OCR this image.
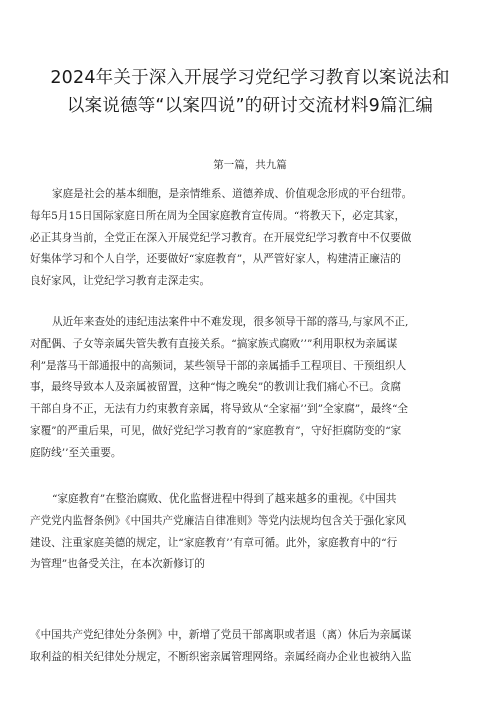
2024年关于深入开展学习党纪学习教育以案说法和
以案说德等“以案四说”的研讨交流材料9篇汇编
第一篇，共九篇
家庭是社会的基本细胞，是亲情维系、道德养成、价值观念形成的平台纽带。
每年5月15日国际家庭日所在周为全国家庭教育宣传周。“将教天下，必定其家，
必正其身当前，全党正在深入开展党纪学习教育。在开展党纪学习教育中不仅要做
好集体学习和个人自学，还要做好“家庭教育”，从严管好家人，构建清正廉洁的
良好家风，让党纪学习教育走深走实。
从近年来查处的违纪违法案件中不难发现，很多领导干部的落马,与家风不正,
对配偶、子女等亲属失管失教有直接关系。“搞家族式腐败’’”利用职权为亲属谋
利”是落马干部通报中的高频词，某些领导干部的亲属插手工程项目、干预组织人
事，最终导致本人及亲属被留置，这种“悔之晚矣”的教训让我们痛心不已。贪腐
干部自身不正，无法有力约束教育亲属，将导致从“全家福’’到”全家腐”，最终“全
家覆”的严重后果，可见，做好党纪学习教育的“家庭教育”，守好拒腐防变的“家
庭防线’’至关重要。
“家庭教育”在整治腐败、优化监督进程中得到了越来越多的重视。《中国共
产党党内监督条例》《中国共产党廉洁自律准则》等党内法规均包含关于强化家风
建设、注重家庭美德的规定，让“家庭教育’’有章可循。此外，家庭教育中的“行
为管理”也备受关注，在本次新修订的
《中国共产党纪律处分条例》中，新增了党员干部离职或者退（离）休后为亲属谋
取利益的相关纪律处分规定，不断织密亲属管理网络。亲属经商办企业也被纳入监
